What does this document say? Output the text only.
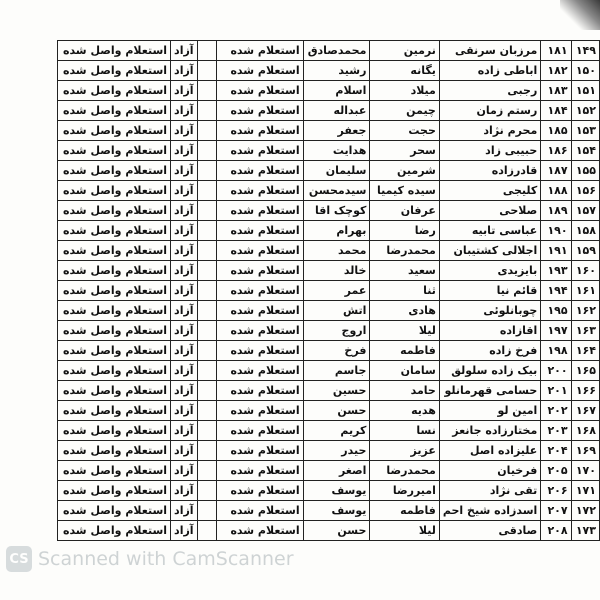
۱۴۹	۱۸۱	مرزبان سرنقی	نرمین	محمدصادق	استعلام شده		آزاد	استعلام واصل شده
۱۵۰	۱۸۲	اباطی زاده	یگانه	رشید	استعلام شده		آزاد	استعلام واصل شده
۱۵۱	۱۸۳	رجبی	میلاد	اسلام	استعلام شده		آزاد	استعلام واصل شده
۱۵۲	۱۸۴	رستم زمان	چیمن	عبداله	استعلام شده		آزاد	استعلام واصل شده
۱۵۳	۱۸۵	محرم نژاد	حجت	جعفر	استعلام شده		آزاد	استعلام واصل شده
۱۵۴	۱۸۶	حبیبی زاد	سحر	هدایت	استعلام شده		آزاد	استعلام واصل شده
۱۵۵	۱۸۷	قادرزاده	شرمین	سلیمان	استعلام شده		آزاد	استعلام واصل شده
۱۵۶	۱۸۸	کلیجی	سیده کیمیا	سیدمحسن	استعلام شده		آزاد	استعلام واصل شده
۱۵۷	۱۸۹	صلاحی	عرفان	کوچک اقا	استعلام شده		آزاد	استعلام واصل شده
۱۵۸	۱۹۰	عباسی تابیه	رضا	بهرام	استعلام شده		آزاد	استعلام واصل شده
۱۵۹	۱۹۱	اجلالی کشتیبان	محمدرضا	محمد	استعلام شده		آزاد	استعلام واصل شده
۱۶۰	۱۹۳	بایزیدی	سعید	خالد	استعلام شده		آزاد	استعلام واصل شده
۱۶۱	۱۹۴	قائم نیا	ثنا	عمر	استعلام شده		آزاد	استعلام واصل شده
۱۶۲	۱۹۵	چوبانلوئی	هادی	اتش	استعلام شده		آزاد	استعلام واصل شده
۱۶۳	۱۹۷	اقازاده	لیلا	اروج	استعلام شده		آزاد	استعلام واصل شده
۱۶۴	۱۹۸	فرخ زاده	فاطمه	فرخ	استعلام شده		آزاد	استعلام واصل شده
۱۶۵	۲۰۰	بیک زاده سلولق	سامان	جاسم	استعلام شده		آزاد	استعلام واصل شده
۱۶۶	۲۰۱	حسامی قهرمانلو	حامد	حسین	استعلام شده		آزاد	استعلام واصل شده
۱۶۷	۲۰۲	امین لو	هدیه	حسن	استعلام شده		آزاد	استعلام واصل شده
۱۶۸	۲۰۳	مختارزاده جانعز	نسا	کریم	استعلام شده		آزاد	استعلام واصل شده
۱۶۹	۲۰۴	علیزاده اصل	عزیز	حیدر	استعلام شده		آزاد	استعلام واصل شده
۱۷۰	۲۰۵	فرخیان	محمدرضا	اصغر	استعلام شده		آزاد	استعلام واصل شده
۱۷۱	۲۰۶	تقی نژاد	امیررضا	یوسف	استعلام شده		آزاد	استعلام واصل شده
۱۷۲	۲۰۷	اسدزاده شیخ احم	فاطمه	یوسف	استعلام شده		آزاد	استعلام واصل شده
۱۷۳	۲۰۸	صادقی	لیلا	حسن	استعلام شده		آزاد	استعلام واصل شده
CS Scanned with CamScanner
